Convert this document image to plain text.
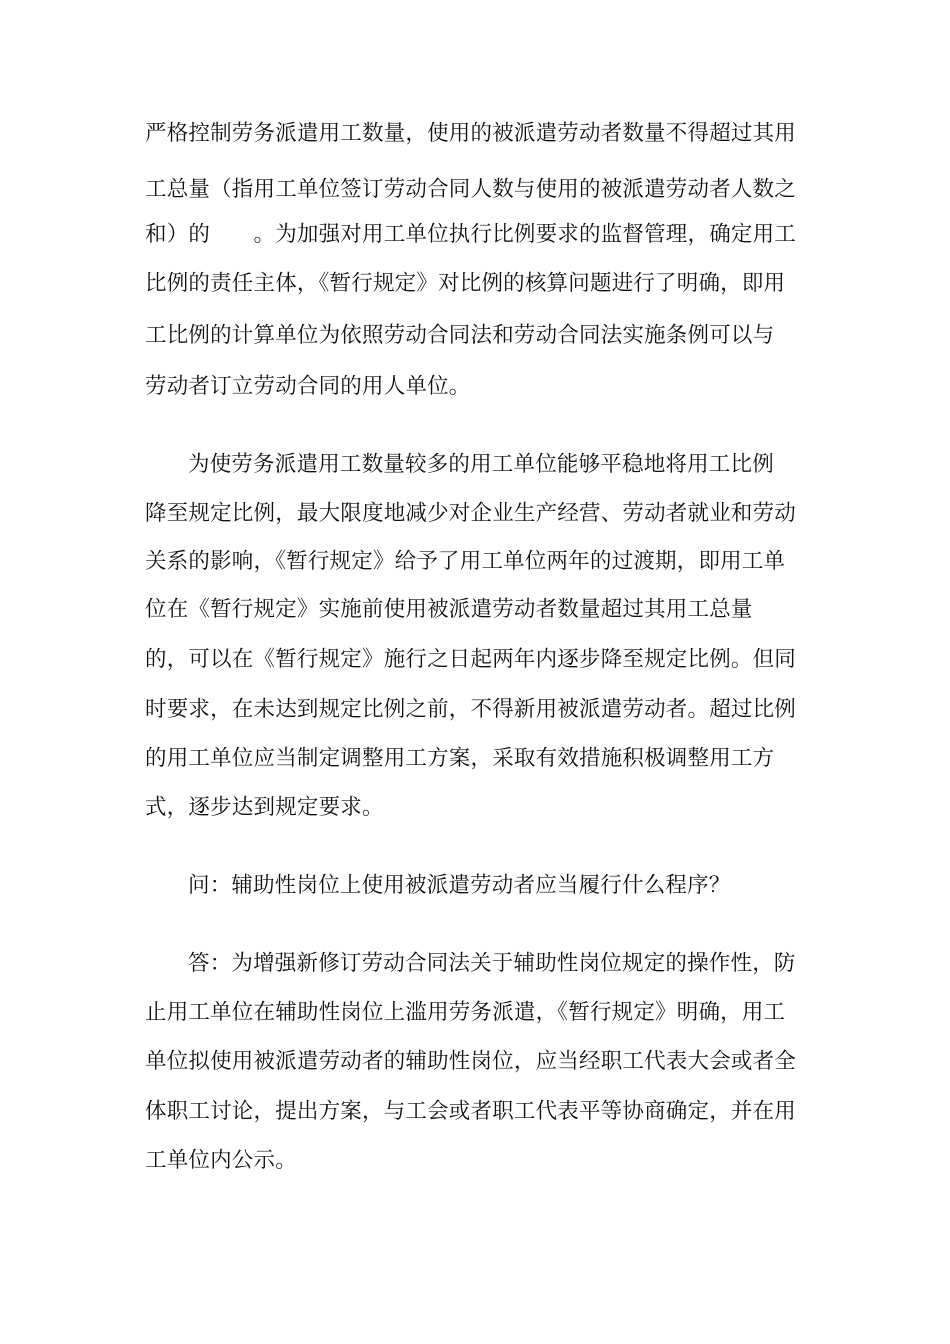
严格控制劳务派遣用工数量，使用的被派遣劳动者数量不得超过其用
工总量（指用工单位签订劳动合同人数与使用的被派遣劳动者人数之
和）的　　。为加强对用工单位执行比例要求的监督管理，确定用工
比例的责任主体，《暂行规定》对比例的核算问题进行了明确，即用
工比例的计算单位为依照劳动合同法和劳动合同法实施条例可以与
劳动者订立劳动合同的用人单位。
为使劳务派遣用工数量较多的用工单位能够平稳地将用工比例
降至规定比例，最大限度地减少对企业生产经营、劳动者就业和劳动
关系的影响，《暂行规定》给予了用工单位两年的过渡期，即用工单
位在《暂行规定》实施前使用被派遣劳动者数量超过其用工总量
的，可以在《暂行规定》施行之日起两年内逐步降至规定比例。但同
时要求，在未达到规定比例之前，不得新用被派遣劳动者。超过比例
的用工单位应当制定调整用工方案，采取有效措施积极调整用工方
式，逐步达到规定要求。
问：辅助性岗位上使用被派遣劳动者应当履行什么程序？
答：为增强新修订劳动合同法关于辅助性岗位规定的操作性，防
止用工单位在辅助性岗位上滥用劳务派遣，《暂行规定》明确，用工
单位拟使用被派遣劳动者的辅助性岗位，应当经职工代表大会或者全
体职工讨论，提出方案，与工会或者职工代表平等协商确定，并在用
工单位内公示。
